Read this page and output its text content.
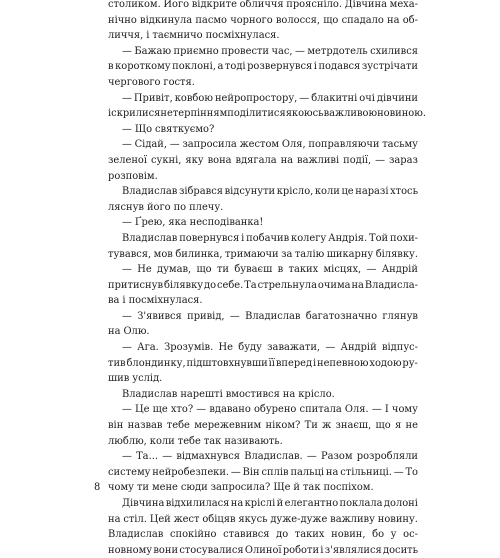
столиком. Його відкрите обличчя проясніло. Дівчина меха-
нічно відкинула пасмо чорного волосся, що спадало на об-
личчя, і таємничо посміхнулася.
— Бажаю приємно провести час, — метрдотель схилився
в короткому поклоні, а тоді розвернувся і подався зустрічати
чергового гостя.
— Привіт, ковбою нейропростору, — блакитні очі дівчини
іскрилися нетерпінням поділитися якоюсь важливою новиною.
— Що святкуємо?
— Сідай, — запросила жестом Оля, поправляючи тасьму
зеленої сукні, яку вона вдягала на важливі події, — зараз
розповім.
Владислав зібрався відсунути крісло, коли це наразі хтось
ляснув його по плечу.
— Ґрею, яка несподіванка!
Владислав повернувся і побачив колегу Андрія. Той похи-
тувався, мов билинка, тримаючи за талію шикарну білявку.
— Не думав, що ти буваєш в таких місцях, — Андрій
притиснув білявку до себе. Та стрельнула очима на Владисла-
ва і посміхнулася.
— З'явився привід, — Владислав багатозначно глянув
на Олю.
— Ага. Зрозумів. Не буду заважати, — Андрій відпус-
тив блондинку, підштовхнувши її вперед і непевною ходою ру-
шив услід.
Владислав нарешті вмостився на крісло.
— Це ще хто? — вдавано обурено спитала Оля. — І чому
він назвав тебе мережевним ніком? Ти ж знаєш, що я не
люблю, коли тебе так називають.
— Та... — відмахнувся Владислав. — Разом розробляли
систему нейробезпеки. — Він сплів пальці на стільниці. — То
чому ти мене сюди запросила? Ще й так поспіхом.
Дівчина відхилилася на кріслі й елегантно поклала долоні
на стіл. Цей жест обіцяв якусь дуже-дуже важливу новину.
Владислав спокійно ставився до таких новин, бо у ос-
новному вони стосувалися Олиної роботи і з'являлися досить
8
